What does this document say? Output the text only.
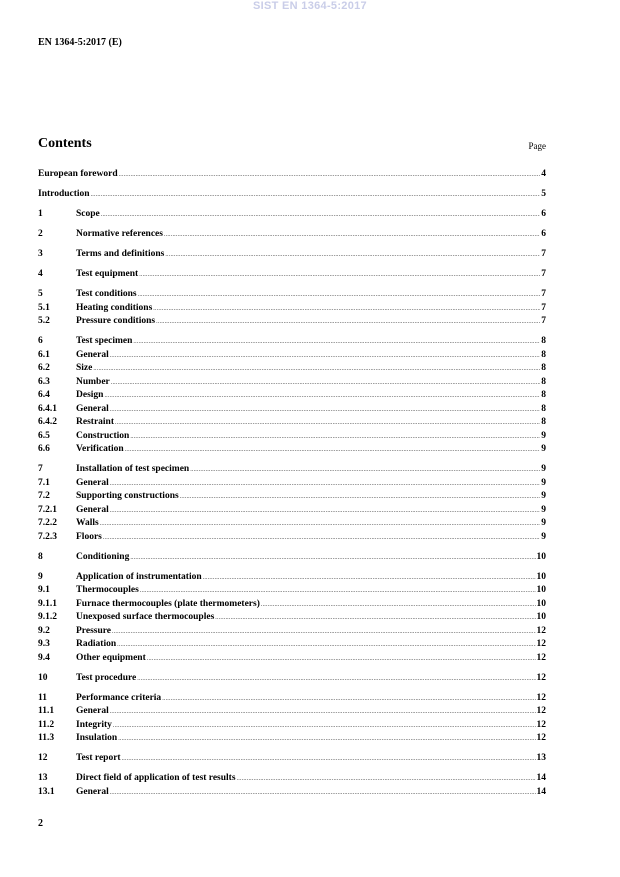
SIST EN 1364-5:2017
EN 1364-5:2017 (E)
Contents	Page
European foreword .....	4
Introduction .....	5
1	Scope .....	6
2	Normative references .....	6
3	Terms and definitions .....	7
4	Test equipment .....	7
5	Test conditions .....	7
5.1	Heating conditions .....	7
5.2	Pressure conditions .....	7
6	Test specimen .....	8
6.1	General .....	8
6.2	Size .....	8
6.3	Number .....	8
6.4	Design .....	8
6.4.1	General .....	8
6.4.2	Restraint .....	8
6.5	Construction .....	9
6.6	Verification .....	9
7	Installation of test specimen .....	9
7.1	General .....	9
7.2	Supporting constructions .....	9
7.2.1	General .....	9
7.2.2	Walls .....	9
7.2.3	Floors .....	9
8	Conditioning .....	10
9	Application of instrumentation .....	10
9.1	Thermocouples .....	10
9.1.1	Furnace thermocouples (plate thermometers) .....	10
9.1.2	Unexposed surface thermocouples .....	10
9.2	Pressure .....	12
9.3	Radiation .....	12
9.4	Other equipment .....	12
10	Test procedure .....	12
11	Performance criteria .....	12
11.1	General .....	12
11.2	Integrity .....	12
11.3	Insulation .....	12
12	Test report .....	13
13	Direct field of application of test results .....	14
13.1	General .....	14
2
